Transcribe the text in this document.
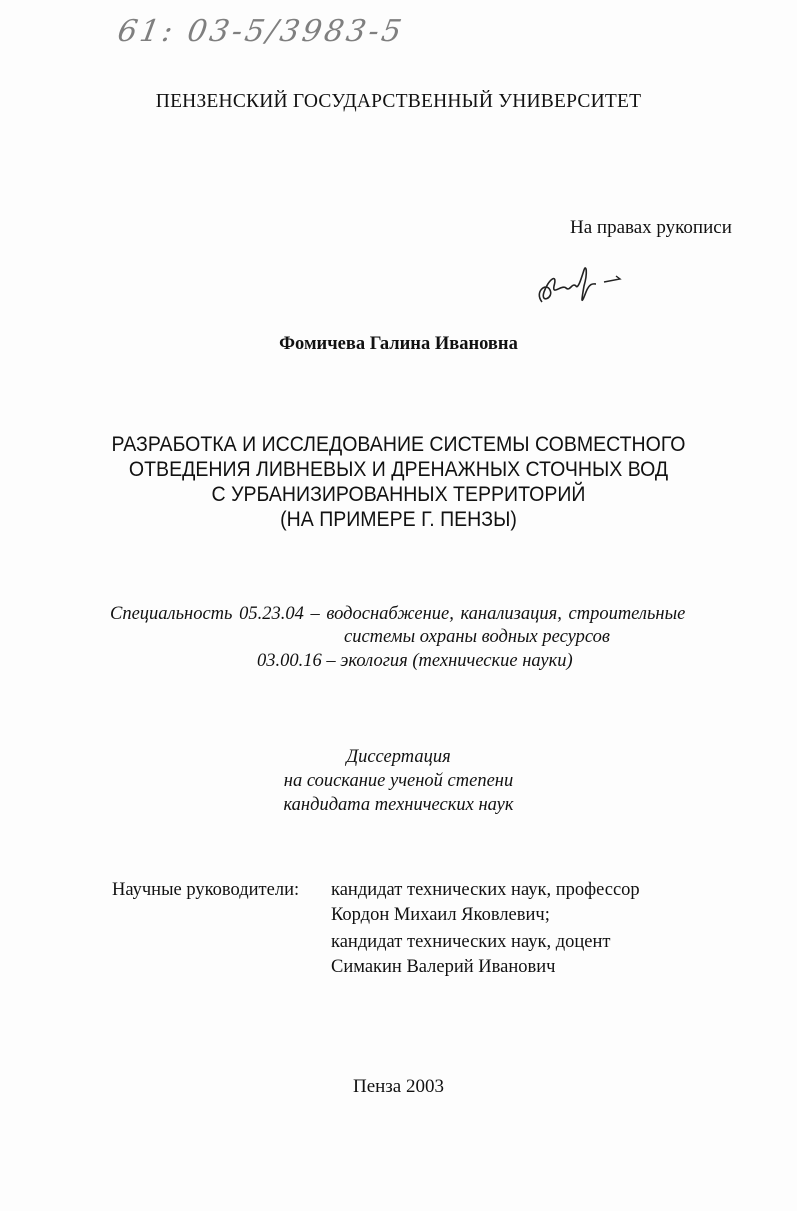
61: 03-5/3983-5
ПЕНЗЕНСКИЙ ГОСУДАРСТВЕННЫЙ УНИВЕРСИТЕТ
На правах рукописи
Фомичева Галина Ивановна
РАЗРАБОТКА И ИССЛЕДОВАНИЕ СИСТЕМЫ СОВМЕСТНОГО
ОТВЕДЕНИЯ ЛИВНЕВЫХ И ДРЕНАЖНЫХ СТОЧНЫХ ВОД
С УРБАНИЗИРОВАННЫХ ТЕРРИТОРИЙ
(НА ПРИМЕРЕ Г. ПЕНЗЫ)
Специальность 05.23.04 – водоснабжение, канализация, строительные
системы охраны водных ресурсов
03.00.16 – экология (технические науки)
Диссертация
на соискание ученой степени
кандидата технических наук
Научные руководители: кандидат технических наук, профессор
Кордон Михаил Яковлевич;
кандидат технических наук, доцент
Симакин Валерий Иванович
Пенза 2003
